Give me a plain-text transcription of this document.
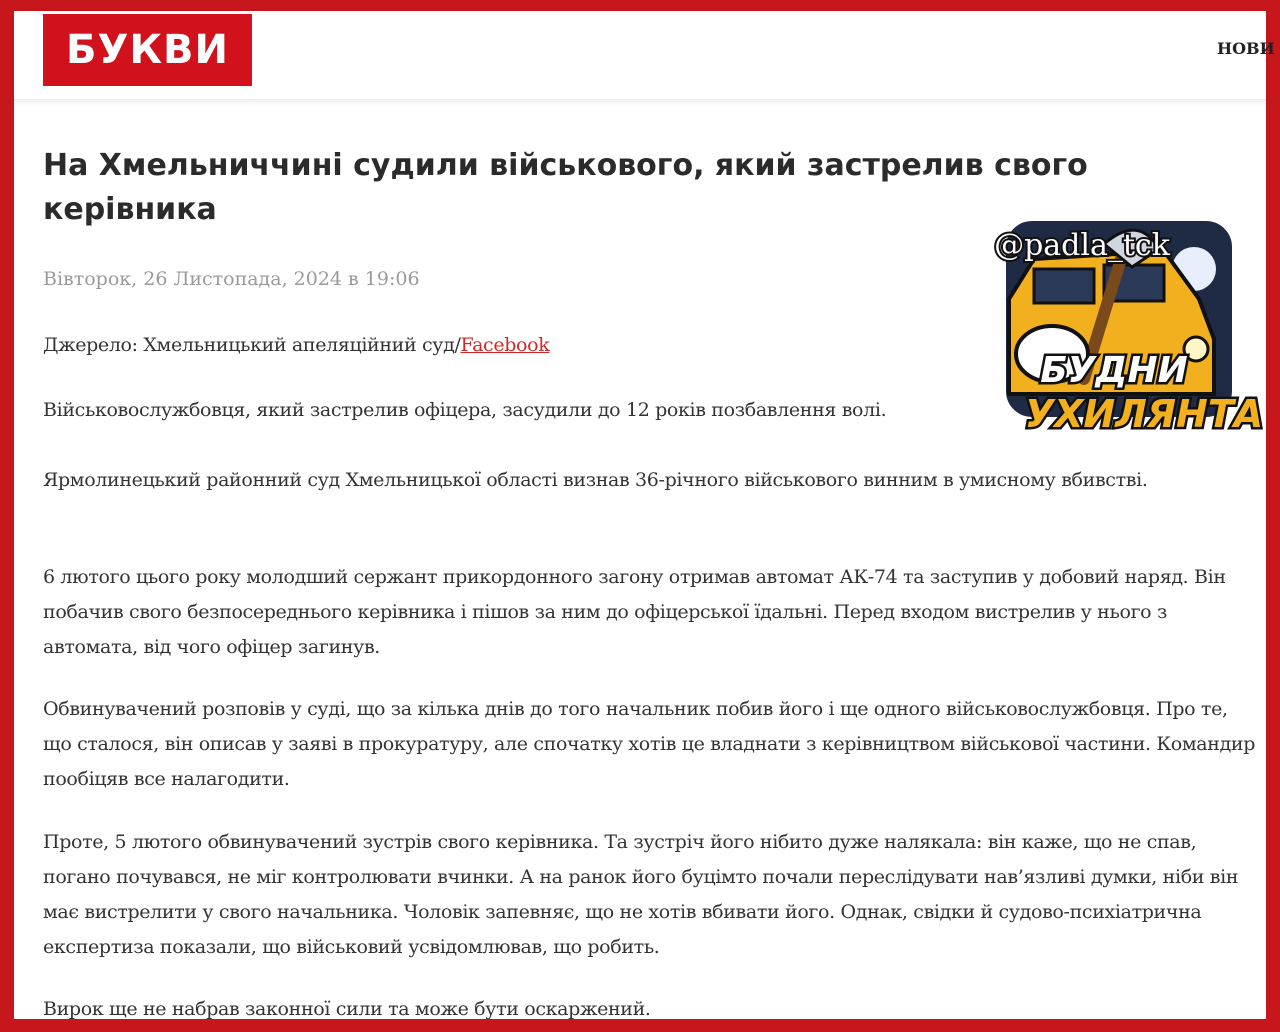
БУКВИ	НОВИ
На Хмельниччині судили військового, який застрелив свого керівника
Вівторок, 26 Листопада, 2024 в 19:06

Джерело: Хмельницький апеляційний суд/Facebook

Військовослужбовця, який застрелив офіцера, засудили до 12 років позбавлення волі.

Ярмолинецький районний суд Хмельницької області визнав 36-річного військового винним в умисному вбивстві.

6 лютого цього року молодший сержант прикордонного загону отримав автомат АК-74 та заступив у добовий наряд. Він побачив свого безпосереднього керівника і пішов за ним до офіцерської їдальні. Перед входом вистрелив у нього з автомата, від чого офіцер загинув.

Обвинувачений розповів у суді, що за кілька днів до того начальник побив його і ще одного військовослужбовця. Про те, що сталося, він описав у заяві в прокуратуру, але спочатку хотів це владнати з керівництвом військової частини. Командир пообіцяв все налагодити.

Проте, 5 лютого обвинувачений зустрів свого керівника. Та зустріч його нібито дуже налякала: він каже, що не спав, погано почувався, не міг контролювати вчинки. А на ранок його буцімто почали переслідувати нав’язливі думки, ніби він має вистрелити у свого начальника. Чоловік запевняє, що не хотів вбивати його. Однак, свідки й судово-психіатрична експертиза показали, що військовий усвідомлював, що робить.

Вирок ще не набрав законної сили та може бути оскаржений.

@padla_tck
БУДНИ
УХИЛЯНТА
